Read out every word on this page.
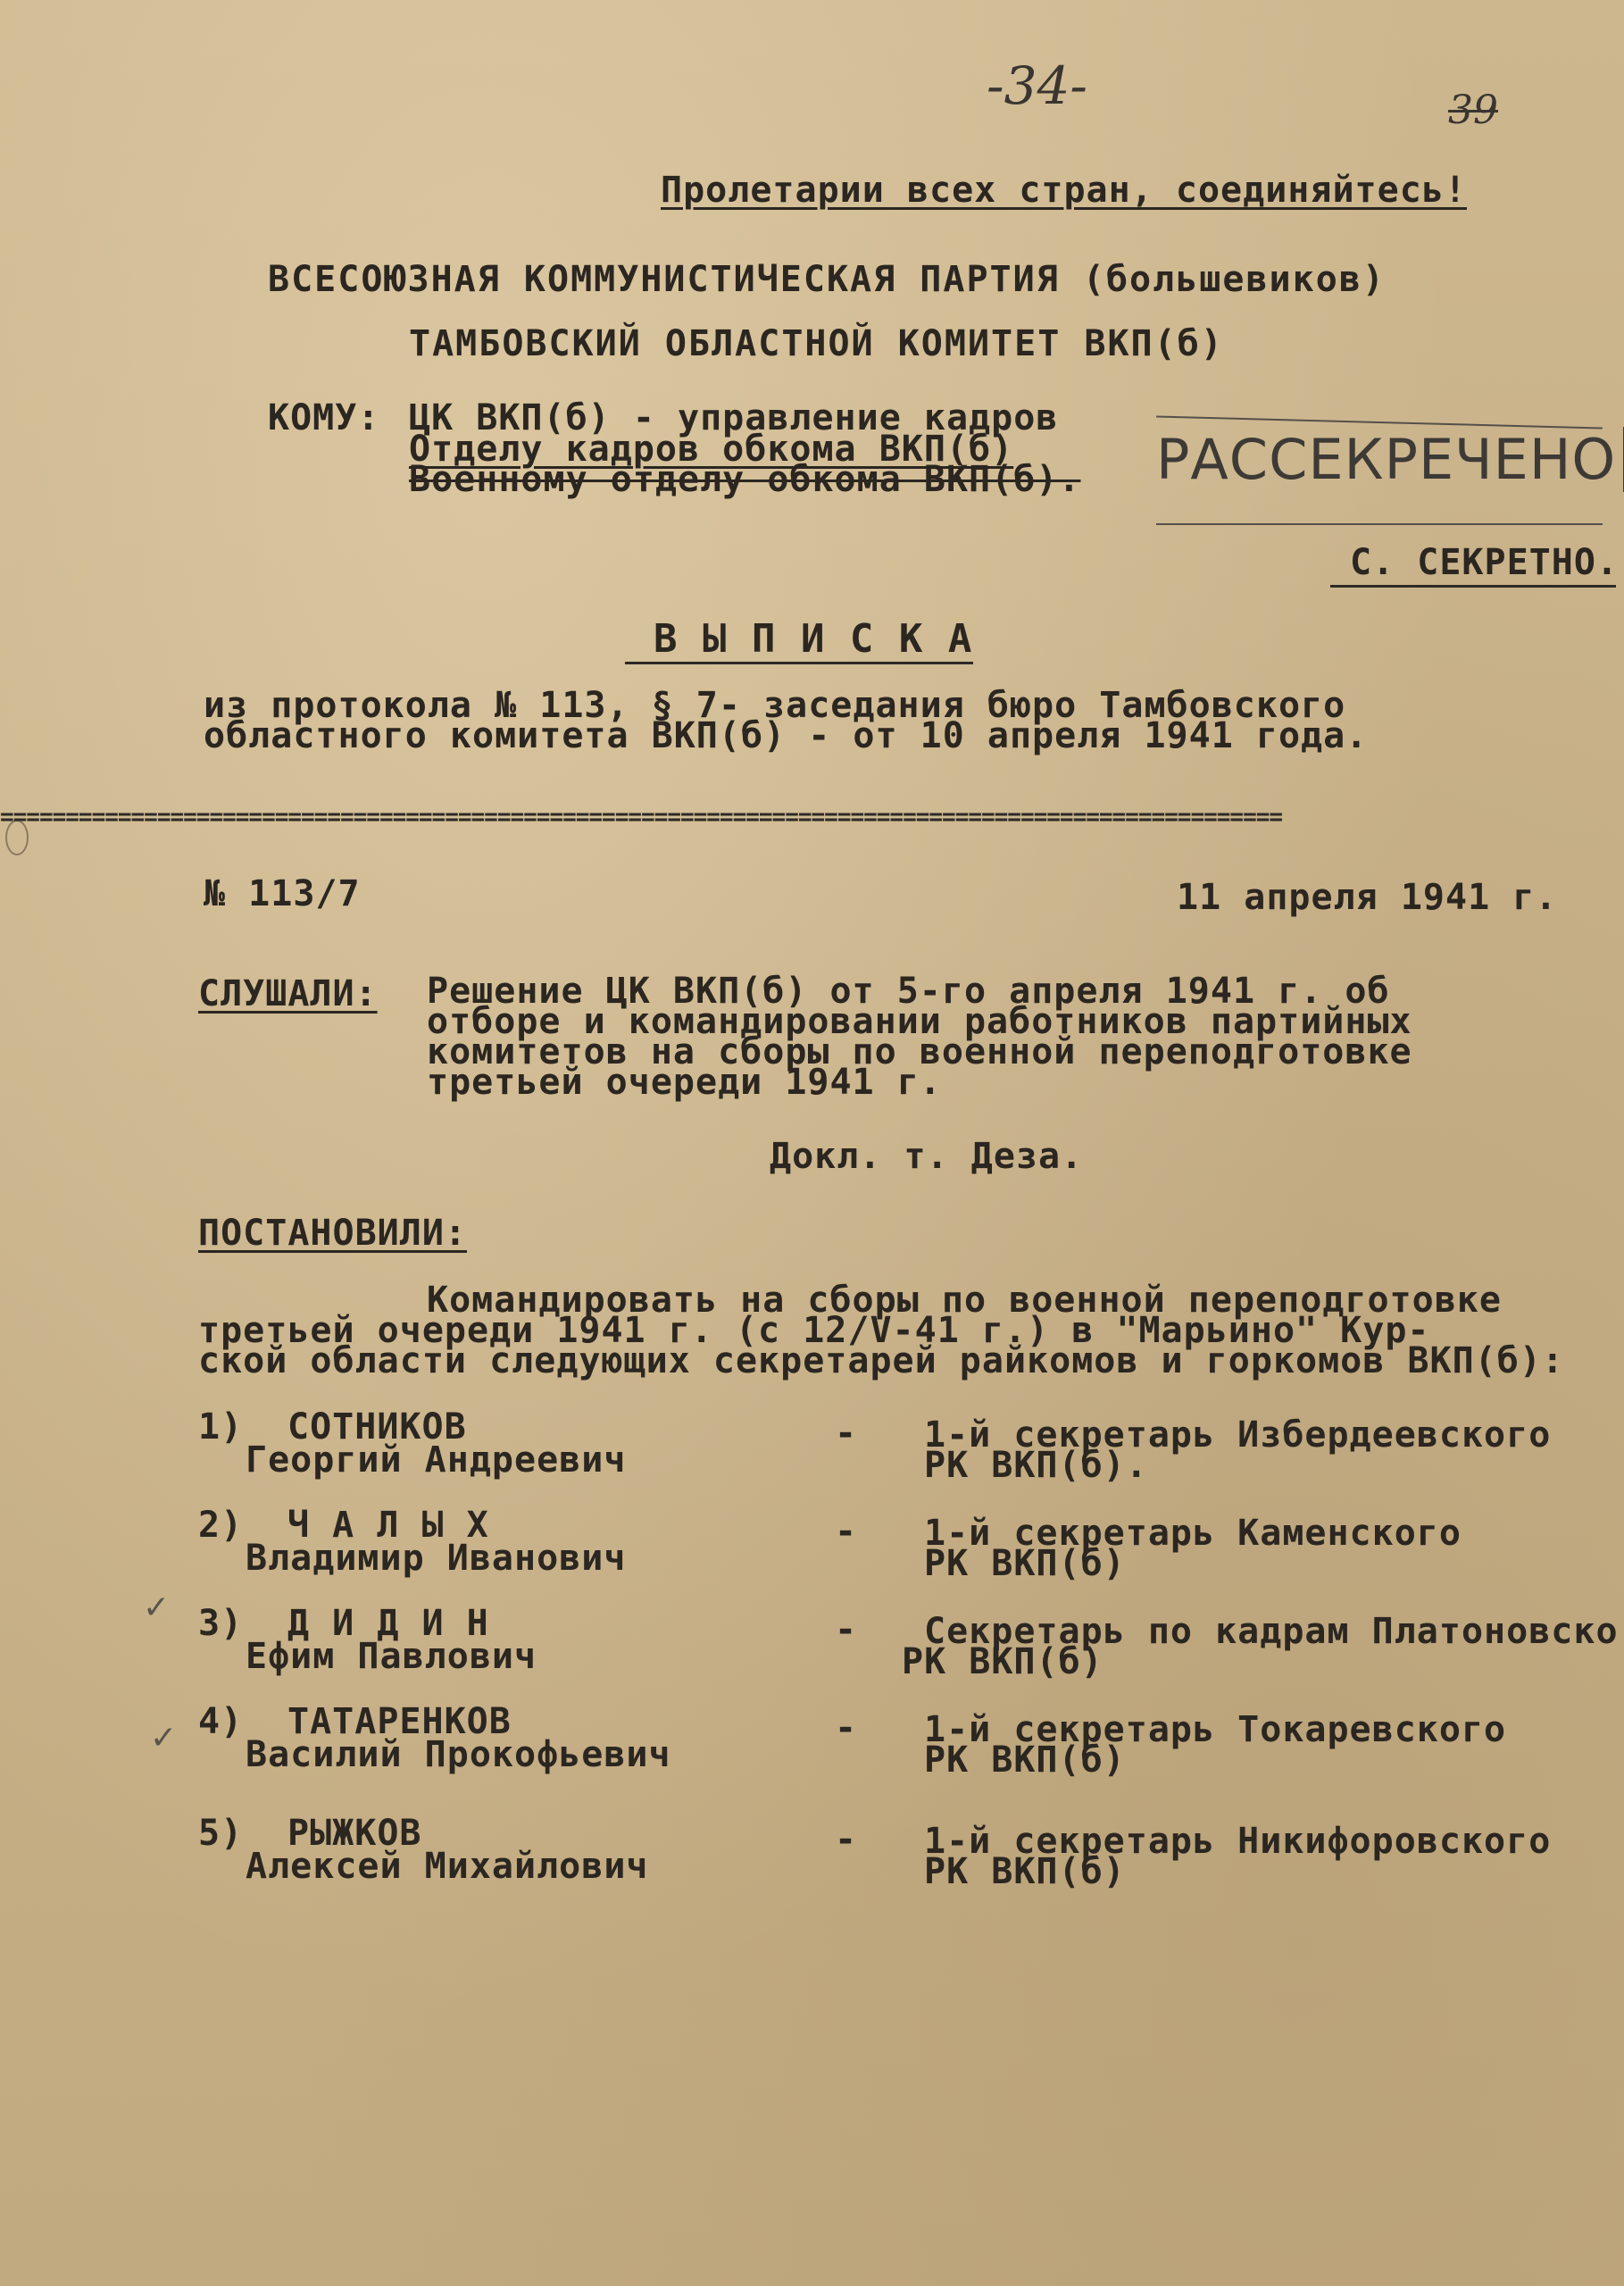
-34-	39
Пролетарии всех стран, соединяйтесь!
ВСЕСОЮЗНАЯ КОММУНИСТИЧЕСКАЯ ПАРТИЯ (большевиков)
ТАМБОВСКИЙ ОБЛАСТНОЙ КОМИТЕТ ВКП(б)
КОМУ: ЦК ВКП(б) - управление кадров
Отделу кадров обкома ВКП(б)
Военному отделу обкома ВКП(б). РАССЕКРЕЧЕНО
С. СЕКРЕТНО.
В Ы П И С К А
из протокола № 113, § 7- заседания бюро Тамбовского
областного комитета ВКП(б) - от 10 апреля 1941 года.
==================================================================================================
№ 113/7	11 апреля 1941 г.
СЛУШАЛИ: Решение ЦК ВКП(б) от 5-го апреля 1941 г. об
отборе и командировании работников партийных
комитетов на сборы по военной переподготовке
третьей очереди 1941 г.
Докл. т. Деза.
ПОСТАНОВИЛИ:
Командировать на сборы по военной переподготовке
третьей очереди 1941 г. (с 12/V-41 г.) в "Марьино" Кур-
ской области следующих секретарей райкомов и горкомов ВКП(б):
1) СОТНИКОВ
Георгий Андреевич
- 1-й секретарь Избердеевского
РК ВКП(б).
2) Ч А Л Ы Х
Владимир Иванович
- 1-й секретарь Каменского
РК ВКП(б)
✓ 3) Д И Д И Н
Ефим Павлович
- Секретарь по кадрам Платоновско
РК ВКП(б)
✓ 4) ТАТАРЕНКОВ
Василий Прокофьевич
- 1-й секретарь Токаревского
РК ВКП(б)
5) РЫЖКОВ
Алексей Михайлович
- 1-й секретарь Никифоровского
РК ВКП(б)
